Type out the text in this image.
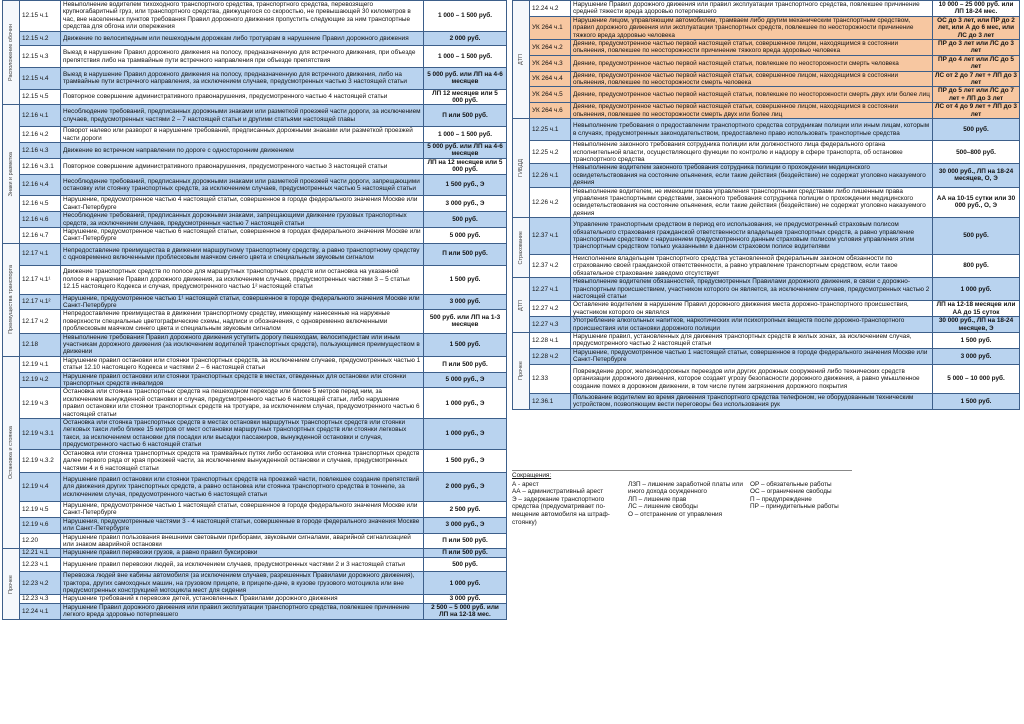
Расположение обочин	12.15 ч.1	Невыполнение водителем тихоходного транспортного средства, транспортного средства, перевозящего крупногабаритный груз, или транспортного средства, движущегося со скоростью, не превышающей 30 километров в час, вне населенных пунктов требования Правил дорожного движения пропустить следующие за ним транспортные средства для обгона или опережения	1 000 – 1 500 руб.
	12.15 ч.2	Движение по велосипедным или пешеходным дорожкам либо тротуарам в нарушение Правил дорожного движения	2 000 руб.
	12.15 ч.3	Выезд в нарушение Правил дорожного движения на полосу, предназначенную для встречного движения, при объезде препятствия либо на трамвайные пути встречного направления при объезде препятствия	1 000 – 1 500 руб.
	12.15 ч.4	Выезд в нарушение Правил дорожного движения на полосу, предназначенную для встречного движения, либо на трамвайные пути встречного направления, за исключением случаев, предусмотренных частью 3 настоящей статьи	5 000 руб. или ЛП на 4-6 месяцев
	12.15 ч.5	Повторное совершение административного правонарушения, предусмотренного частью 4 настоящей статьи	ЛП 12 месяцев или 5 000 руб.

Знаки и разметка	12.16 ч.1	Несоблюдение требований, предписанных дорожными знаками или разметкой проезжей части дороги, за исключением случаев, предусмотренных частями 2 – 7 настоящей статьи и другими статьями настоящей главы	П или 500 руб.
	12.16 ч.2	Поворот налево или разворот в нарушение требований, предписанных дорожными знаками или разметкой проезжей части дороги	1 000 – 1 500 руб.
	12.16 ч.3	Движение во встречном направлении по дороге с односторонним движением	5 000 руб. или ЛП на 4-6 месяцев
	12.16 ч.3.1	Повторное совершение административного правонарушения, предусмотренного частью 3 настоящей статьи	ЛП на 12 месяцев или 5 000 руб.
	12.16 ч.4	Несоблюдение требований, предписанных дорожными знаками или разметкой проезжей части дороги, запрещающими остановку или стоянку транспортных средств, за исключением случаев, предусмотренных частью 5 настоящей статьи	1 500 руб., Э
	12.16 ч.5	Нарушение, предусмотренное частью 4 настоящей статьи, совершенное в городе федерального значения Москве или Санкт-Петербурге	3 000 руб., Э
	12.16 ч.6	Несоблюдение требований, предписанных дорожными знаками, запрещающими движение грузовых транспортных средств, за исключением случаев, предусмотренных частью 7 настоящей статьи	500 руб.
	12.16 ч.7	Нарушение, предусмотренное частью 6 настоящей статьи, совершенное в городах федерального значения Москве или Санкт-Петербурге	5 000 руб.

Преимущества транспорта	12.17 ч.1	Непредоставление преимущества в движении маршрутному транспортному средству, а равно транспортному средству с одновременно включенными проблесковым маячком синего цвета и специальным звуковым сигналом	П или 500 руб.
	12.17 ч.1¹	Движение транспортных средств по полосе для маршрутных транспортных средств или остановка на указанной полосе в нарушение Правил дорожного движения, за исключением случаев, предусмотренных частями 3 – 5 статьи 12.15 настоящего Кодекса и случая, предусмотренного частью 1² настоящей статьи	1 500 руб.
	12.17 ч.1²	Нарушение, предусмотренное частью 1¹ настоящей статьи, совершенное в городе федерального значения Москве или Санкт-Петербурге	3 000 руб.
	12.17 ч.2	Непредоставление преимущества в движении транспортному средству, имеющему нанесенные на наружные поверхности специальные цветографические схемы, надписи и обозначения, с одновременно включенными проблесковым маячком синего цвета и специальным звуковым сигналом	500 руб. или ЛП на 1-3 месяцев
	12.18	Невыполнение требования Правил дорожного движения уступить дорогу пешеходам, велосипедистам или иным участникам дорожного движения (за исключением водителей транспортных средств), пользующимся преимуществом в движении	1 500 руб.

Остановка и стоянка	12.19 ч.1	Нарушение правил остановки или стоянки транспортных средств, за исключением случаев, предусмотренных частью 1 статьи 12.10 настоящего Кодекса и частями 2 – 6 настоящей статьи	П или 500 руб.
	12.19 ч.2	Нарушение правил остановки или стоянки транспортных средств в местах, отведенных для остановки или стоянки транспортных средств инвалидов	5 000 руб., Э
	12.19 ч.3	Остановка или стоянка транспортных средств на пешеходном переходе или ближе 5 метров перед ним, за исключением вынужденной остановки и случая, предусмотренного частью 6 настоящей статьи, либо нарушение правил остановки или стоянки транспортных средств на тротуаре, за исключением случая, предусмотренного частью 6 настоящей статьи	1 000 руб., Э
	12.19 ч.3.1	Остановка или стоянка транспортных средств в местах остановки маршрутных транспортных средств или стоянки легковых такси либо ближе 15 метров от мест остановки маршрутных транспортных средств или стоянки легковых такси, за исключением остановки для посадки или высадки пассажиров, вынужденной остановки и случая, предусмотренного частью 6 настоящей статьи	1 000 руб., Э
	12.19 ч.3.2	Остановка или стоянка транспортных средств на трамвайных путях либо остановка или стоянка транспортных средств далее первого ряда от края проезжей части, за исключением вынужденной остановки и случаев, предусмотренных частями 4 и 6 настоящей статьи	1 500 руб., Э
	12.19 ч.4	Нарушение правил остановки или стоянки транспортных средств на проезжей части, повлекшее создание препятствий для движения других транспортных средств, а равно остановка или стоянка транспортного средства в тоннеле, за исключением случая, предусмотренного частью 6 настоящей статьи	2 000 руб., Э
	12.19 ч.5	Нарушение, предусмотренное частью 1 настоящей статьи, совершенное в городе федерального значения Москве или Санкт-Петербурге	2 500 руб.
	12.19 ч.6	Нарушения, предусмотренные частями 3 - 4 настоящей статьи, совершенные в городе федерального значения Москве или Санкт-Петербурге	3 000 руб., Э
	12.20	Нарушение правил пользования внешними световыми приборами, звуковыми сигналами, аварийной сигнализацией или знаком аварийной остановки	П или 500 руб.

Прочее	12.21 ч.1	Нарушение правил перевозки грузов, а равно правил буксировки	П или 500 руб.
	12.23 ч.1	Нарушение правил перевозки людей, за исключением случаев, предусмотренных частями 2 и 3 настоящей статьи	500 руб.
	12.23 ч.2	Перевозка людей вне кабины автомобиля (за исключением случаев, разрешенных Правилами дорожного движения), трактора, других самоходных машин, на грузовом прицепе, в прицепе-даче, в кузове грузового мотоцикла или вне предусмотренных конструкцией мотоцикла мест для сидения	1 000 руб.
	12.23 ч.3	Нарушение требований к перевозке детей, установленных Правилами дорожного движения	3 000 руб.
	12.24 ч.1	Нарушение Правил дорожного движения или правил эксплуатации транспортного средства, повлекшее причинение легкого вреда здоровью потерпевшего	2 500 – 5 000 руб. или ЛП на 12-18 мес.
ДТП	12.24 ч.2	Нарушение Правил дорожного движения или правил эксплуатации транспортного средства, повлекшее причинение средней тяжести вреда здоровью потерпевшего	10 000 – 25 000 руб. или ЛП 18-24 мес.
	УК 264 ч.1	Нарушение лицом, управляющим автомобилем, трамваем либо другим механическим транспортным средством, правил дорожного движения или эксплуатации транспортных средств, повлекшее по неосторожности причинение тяжкого вреда здоровью человека	ОС до 3 лет, или ПР до 2 лет, или А до 6 мес, или ЛС до 3 лет
	УК 264 ч.2	Деяние, предусмотренное частью первой настоящей статьи, совершенное лицом, находящимся в состоянии опьянения, повлекшее по неосторожности причинение тяжкого вреда здоровью человека	ПР до 3 лет или ЛС до 3 лет
	УК 264 ч.3	Деяние, предусмотренное частью первой настоящей статьи, повлекшее по неосторожности смерть человека	ПР до 4 лет или ЛС до 5 лет
	УК 264 ч.4	Деяние, предусмотренное частью первой настоящей статьи, совершенное лицом, находящимся в состоянии опьянения, повлекшее по неосторожности смерть человека	ЛС от 2 до 7 лет + ЛП до 3 лет
	УК 264 ч.5	Деяние, предусмотренное частью первой настоящей статьи, повлекшее по неосторожности смерть двух или более лиц	ПР до 5 лет или ЛС до 7 лет + ЛП до 3 лет
	УК 264 ч.6	Деяние, предусмотренное частью первой настоящей статьи, совершенное лицом, находящимся в состоянии опьянения, повлекшее по неосторожности смерть двух или более лиц	ЛС от 4 до 9 лет + ЛП до 3 лет

ГИБДД	12.25 ч.1	Невыполнение требования о предоставлении транспортного средства сотрудникам полиции или иным лицам, которым в случаях, предусмотренных законодательством, предоставлено право использовать транспортные средства	500 руб.
	12.25 ч.2	Невыполнение законного требования сотрудника полиции или должностного лица федерального органа исполнительной власти, осуществляющего функции по контролю и надзору в сфере транспорта, об остановке транспортного средства	500–800 руб.
	12.26 ч.1	Невыполнение водителем законного требования сотрудника полиции о прохождении медицинского освидетельствования на состояние опьянения, если такие действия (бездействие) не содержат уголовно наказуемого деяния	30 000 руб., ЛП на 18-24 месяцев, О, Э
	12.26 ч.2	Невыполнение водителем, не имеющим права управления транспортными средствами либо лишенным права управления транспортными средствами, законного требования сотрудника полиции о прохождении медицинского освидетельствования на состояние опьянения, если такие действия (бездействие) не содержат уголовно наказуемого деяния	АА на 10-15 сутки или 30 000 руб., О, Э

Страхование	12.37 ч.1	Управление транспортным средством в период его использования, не предусмотренный страховым полисом обязательного страхования гражданской ответственности владельцев транспортных средств, а равно управление транспортным средством с нарушением предусмотренного данным страховым полисом условия управления этим транспортным средством только указанными в данном страховом полисе водителями	500 руб.
	12.37 ч.2	Неисполнение владельцем транспортного средства установленной федеральным законом обязанности по страхованию своей гражданской ответственности, а равно управление транспортным средством, если такое обязательное страхование заведомо отсутствует	800 руб.

ДТП	12.27 ч.1	Невыполнение водителем обязанностей, предусмотренных Правилами дорожного движения, в связи с дорожно-транспортным происшествием, участником которого он является, за исключением случаев, предусмотренных частью 2 настоящей статьи	1 000 руб.
	12.27 ч.2	Оставление водителем в нарушение Правил дорожного движения места дорожно-транспортного происшествия, участником которого он являлся	ЛП на 12-18 месяцев или АА до 15 суток
	12.27 ч.3	Употребление алкогольных напитков, наркотических или психотропных веществ после дорожно-транспортного происшествия или остановки дорожного полиции	30 000 руб., ЛП на 18-24 месяцев, Э

Прочее	12.28 ч.1	Нарушение правил, установленных для движения транспортных средств в жилых зонах, за исключением случая, предусмотренного частью 2 настоящей статьи	1 500 руб.
	12.28 ч.2	Нарушение, предусмотренное частью 1 настоящей статьи, совершенное в городе федерального значения Москве или Санкт-Петербурге	3 000 руб.
	12.33	Повреждение дорог, железнодорожных переездов или других дорожных сооружений либо технических средств организации дорожного движения, которое создает угрозу безопасности дорожного движения, а равно умышленное создание помех в дорожном движении, в том числе путем загрязнения дорожного покрытия	5 000 – 10 000 руб.
	12.36.1	Пользование водителем во время движения транспортного средства телефоном, не оборудованным техническим устройством, позволяющим вести переговоры без использования рук	1 500 руб.
Сокращения:
А - арест
АА – административный арест
Э – задержание транспортного средства (предусматривает помещение автомобиля на штрафстоянку)
ЛЗП – лишение заработной платы или иного дохода осужденного
ЛП – лишение прав
ЛС – лишение свободы
О – отстранение от управления
ОР – обязательные работы
ОС – ограничение свободы
П – предупреждение
ПР – принудительные работы
